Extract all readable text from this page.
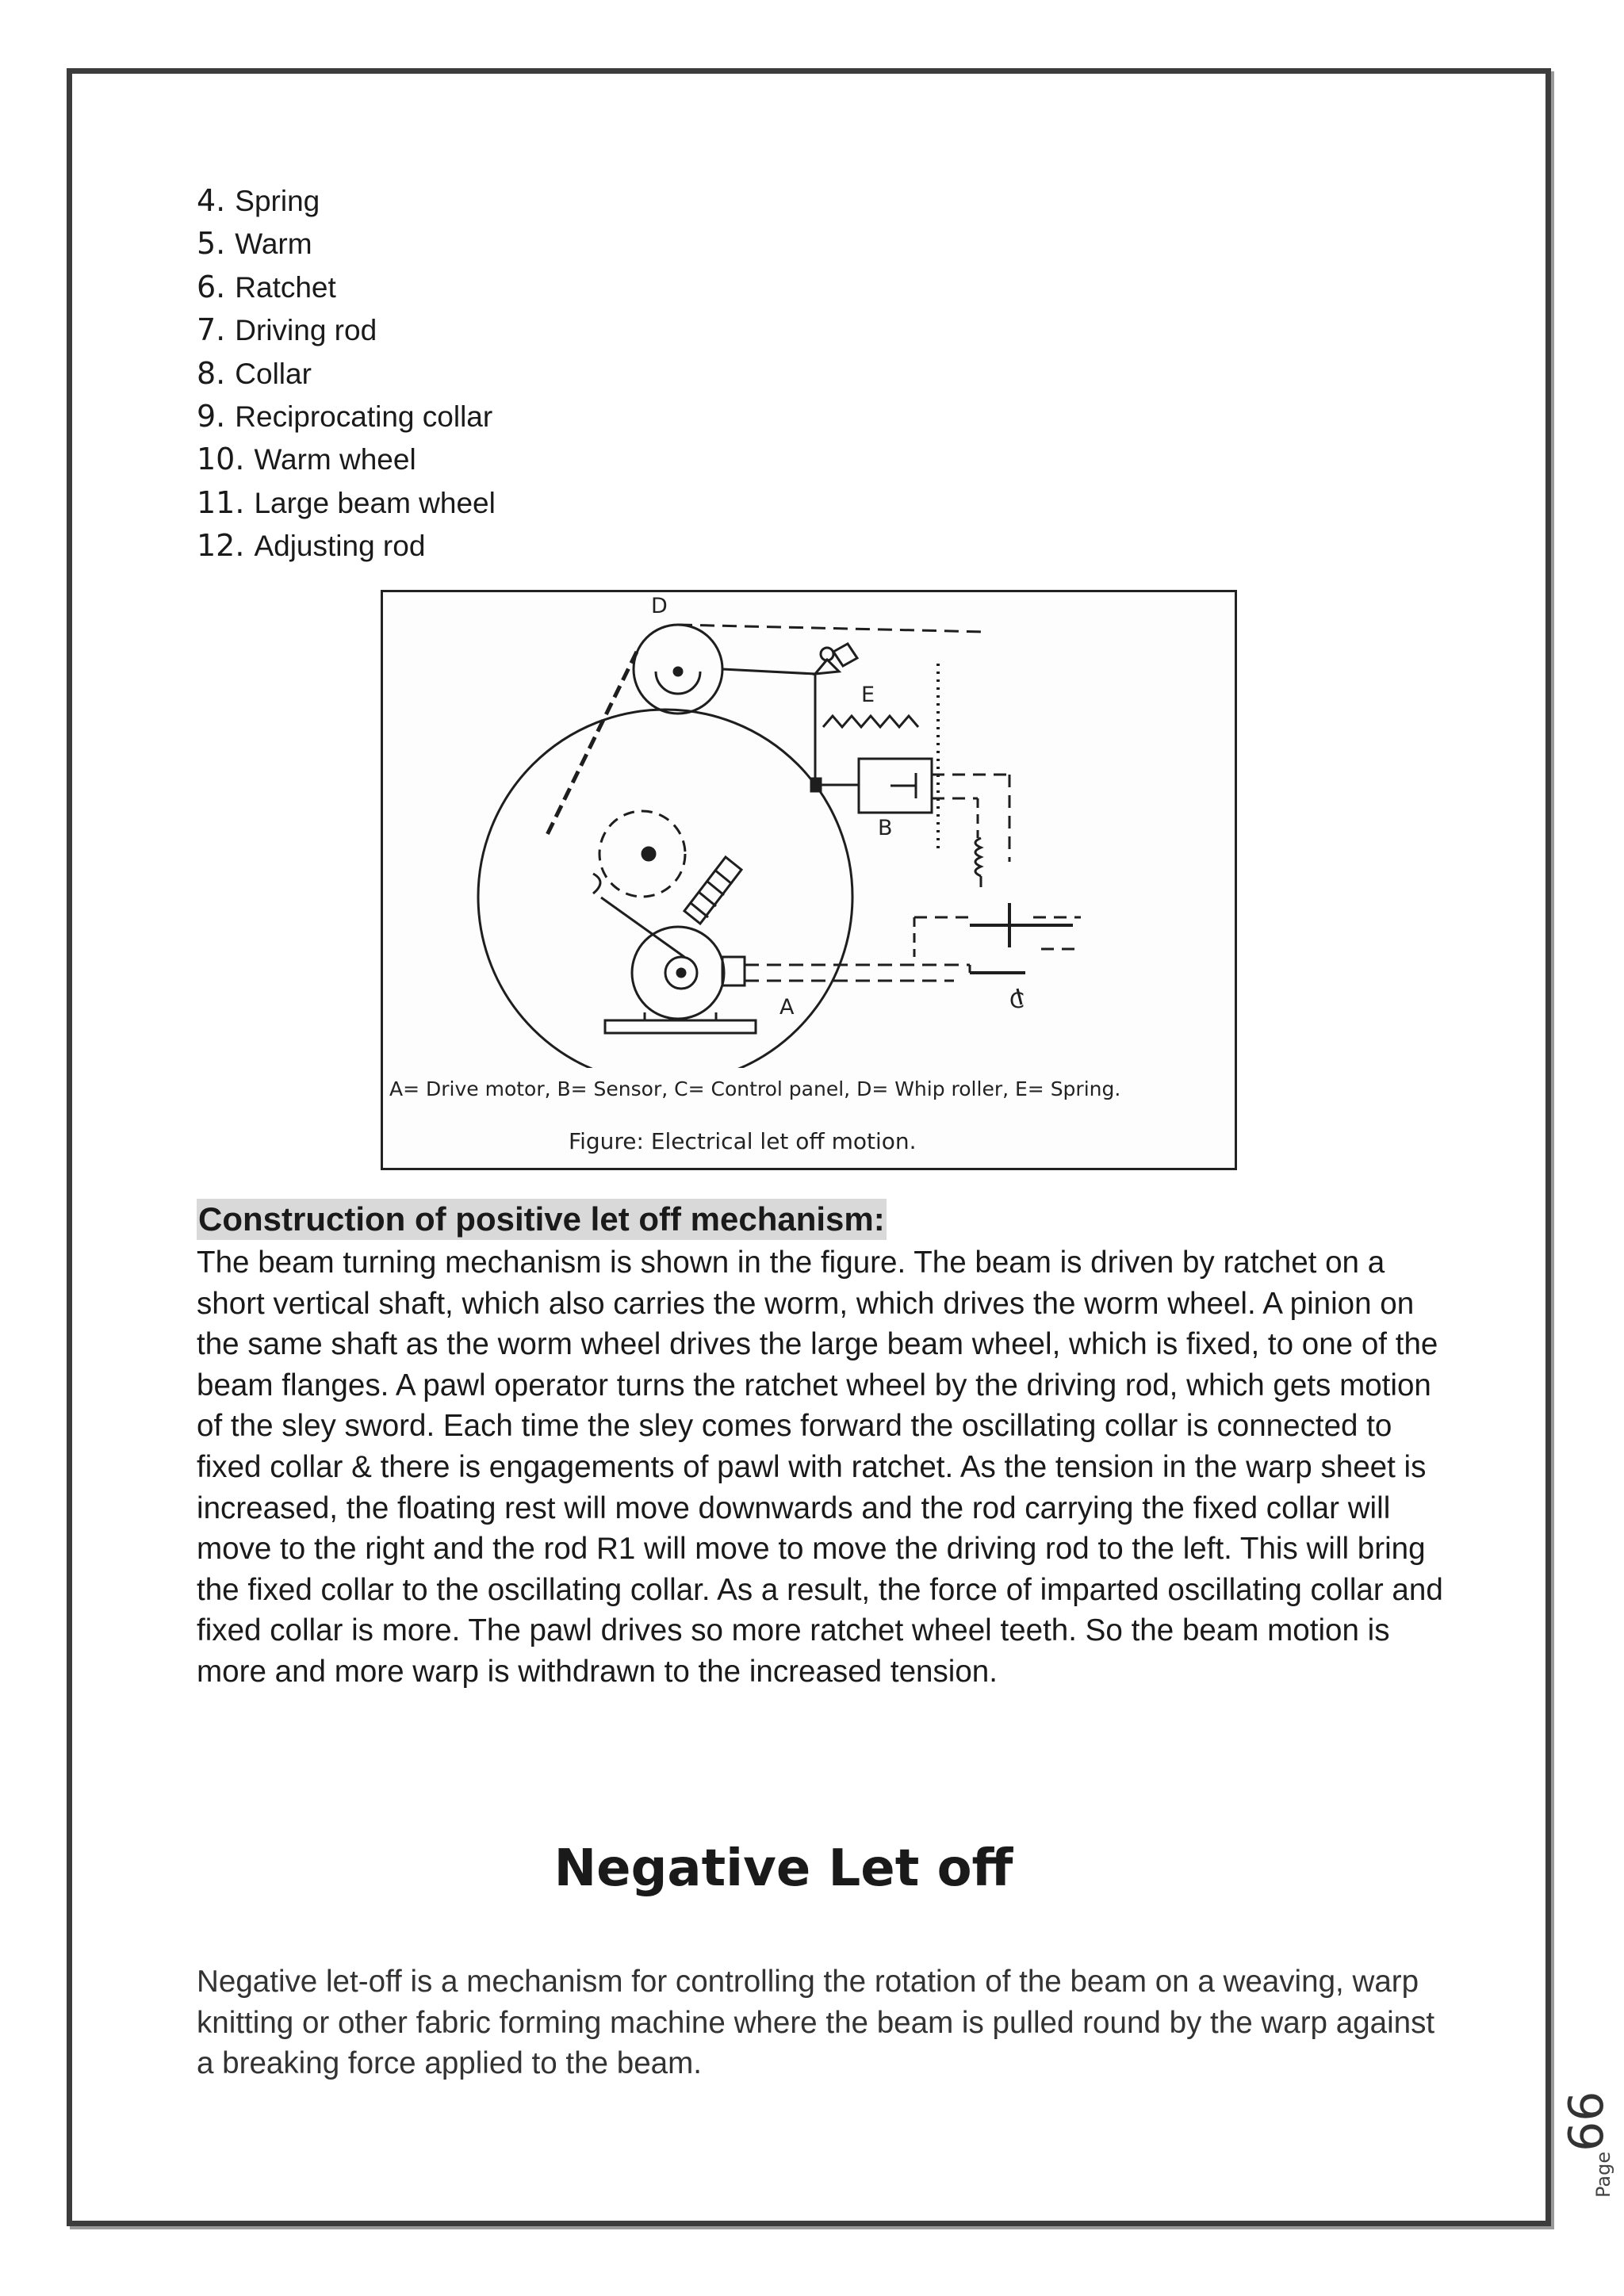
4. Spring
5. Warm
6. Ratchet
7. Driving rod
8. Collar
9. Reciprocating collar
10. Warm wheel
11. Large beam wheel
12. Adjusting rod
D
E
B
A	C
A= Drive motor, B= Sensor, C= Control panel, D= Whip roller, E= Spring.
Figure: Electrical let off motion.
Construction of positive let off mechanism:

The beam turning mechanism is shown in the figure. The beam is driven by ratchet on a short vertical shaft, which also carries the worm, which drives the worm wheel. A pinion on the same shaft as the worm wheel drives the large beam wheel, which is fixed, to one of the beam flanges. A pawl operator turns the ratchet wheel by the driving rod, which gets motion of the sley sword. Each time the sley comes forward the oscillating collar is connected to fixed collar & there is engagements of pawl with ratchet. As the tension in the warp sheet is increased, the floating rest will move downwards and the rod carrying the fixed collar will move to the right and the rod R1 will move to move the driving rod to the left. This will bring the fixed collar to the oscillating collar. As a result, the force of imparted oscillating collar and fixed collar is more. The pawl drives so more ratchet wheel teeth. So the beam motion is more and more warp is withdrawn to the increased tension.

Negative Let off

Negative let-off is a mechanism for controlling the rotation of the beam on a weaving, warp knitting or other fabric forming machine where the beam is pulled round by the warp against a breaking force applied to the beam.

Page66
